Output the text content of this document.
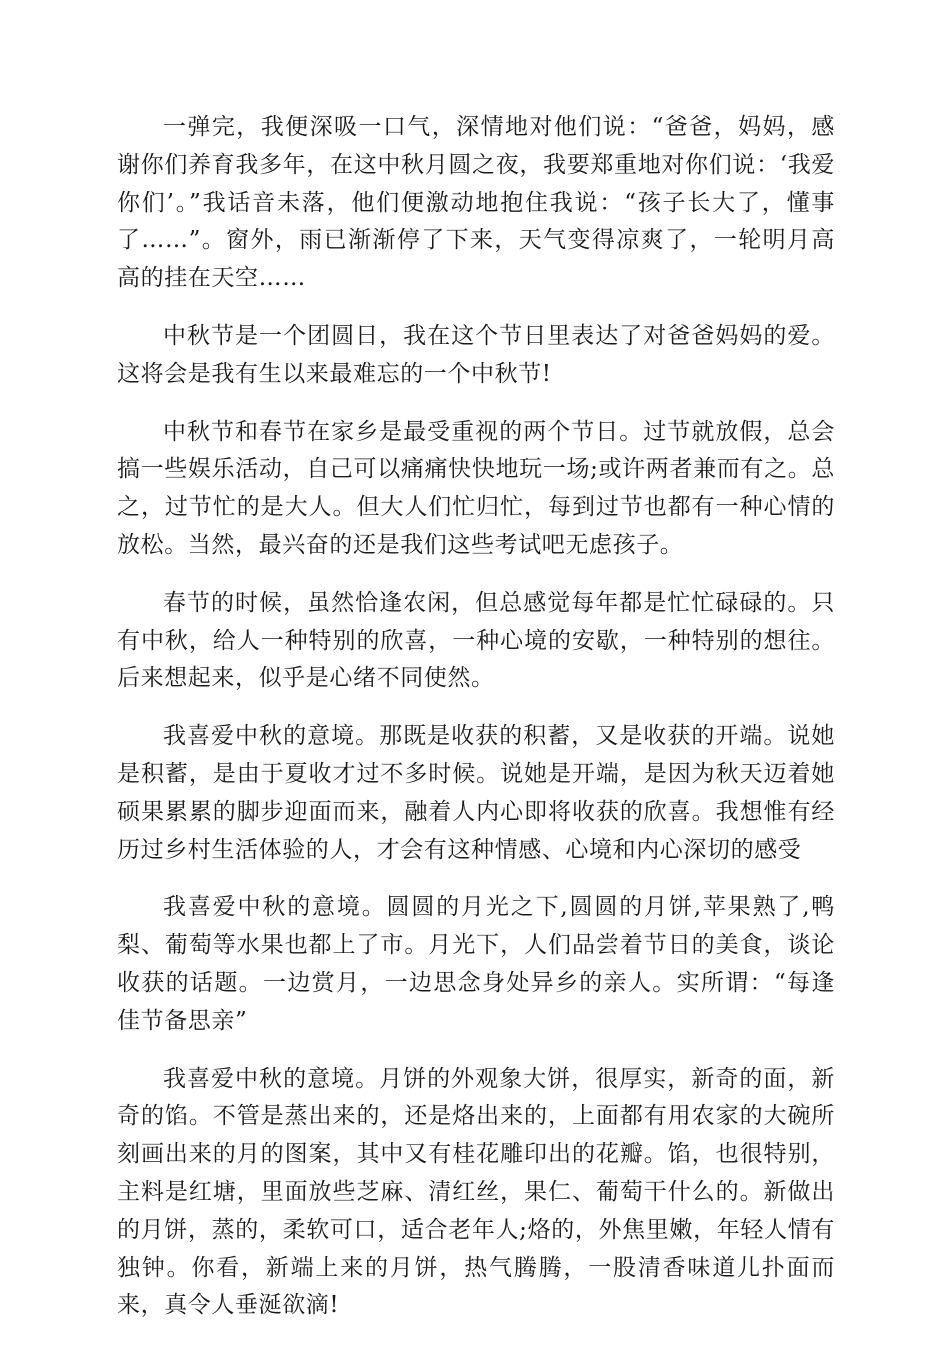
一弹完，我便深吸一口气，深情地对他们说：“爸爸，妈妈，感谢你们养育我多年，在这中秋月圆之夜，我要郑重地对你们说：‘我爱你们’。”我话音未落，他们便激动地抱住我说：“孩子长大了，懂事了……”。窗外，雨已渐渐停了下来，天气变得凉爽了，一轮明月高高的挂在天空……

中秋节是一个团圆日，我在这个节日里表达了对爸爸妈妈的爱。这将会是我有生以来最难忘的一个中秋节!

中秋节和春节在家乡是最受重视的两个节日。过节就放假，总会搞一些娱乐活动，自己可以痛痛快快地玩一场;或许两者兼而有之。总之，过节忙的是大人。但大人们忙归忙，每到过节也都有一种心情的放松。当然，最兴奋的还是我们这些考试吧无虑孩子。

春节的时候，虽然恰逢农闲，但总感觉每年都是忙忙碌碌的。只有中秋，给人一种特别的欣喜，一种心境的安歇，一种特别的想往。后来想起来，似乎是心绪不同使然。

我喜爱中秋的意境。那既是收获的积蓄，又是收获的开端。说她是积蓄，是由于夏收才过不多时候。说她是开端，是因为秋天迈着她硕果累累的脚步迎面而来，融着人内心即将收获的欣喜。我想惟有经历过乡村生活体验的人，才会有这种情感、心境和内心深切的感受

我喜爱中秋的意境。圆圆的月光之下,圆圆的月饼,苹果熟了,鸭梨、葡萄等水果也都上了市。月光下，人们品尝着节日的美食，谈论收获的话题。一边赏月，一边思念身处异乡的亲人。实所谓：“每逢佳节备思亲”

我喜爱中秋的意境。月饼的外观象大饼，很厚实，新奇的面，新奇的馅。不管是蒸出来的，还是烙出来的，上面都有用农家的大碗所刻画出来的月的图案，其中又有桂花雕印出的花瓣。馅，也很特别，主料是红塘，里面放些芝麻、清红丝，果仁、葡萄干什么的。新做出的月饼，蒸的，柔软可口，适合老年人;烙的，外焦里嫩，年轻人情有独钟。你看，新端上来的月饼，热气腾腾，一股清香味道儿扑面而来，真令人垂涎欲滴!
